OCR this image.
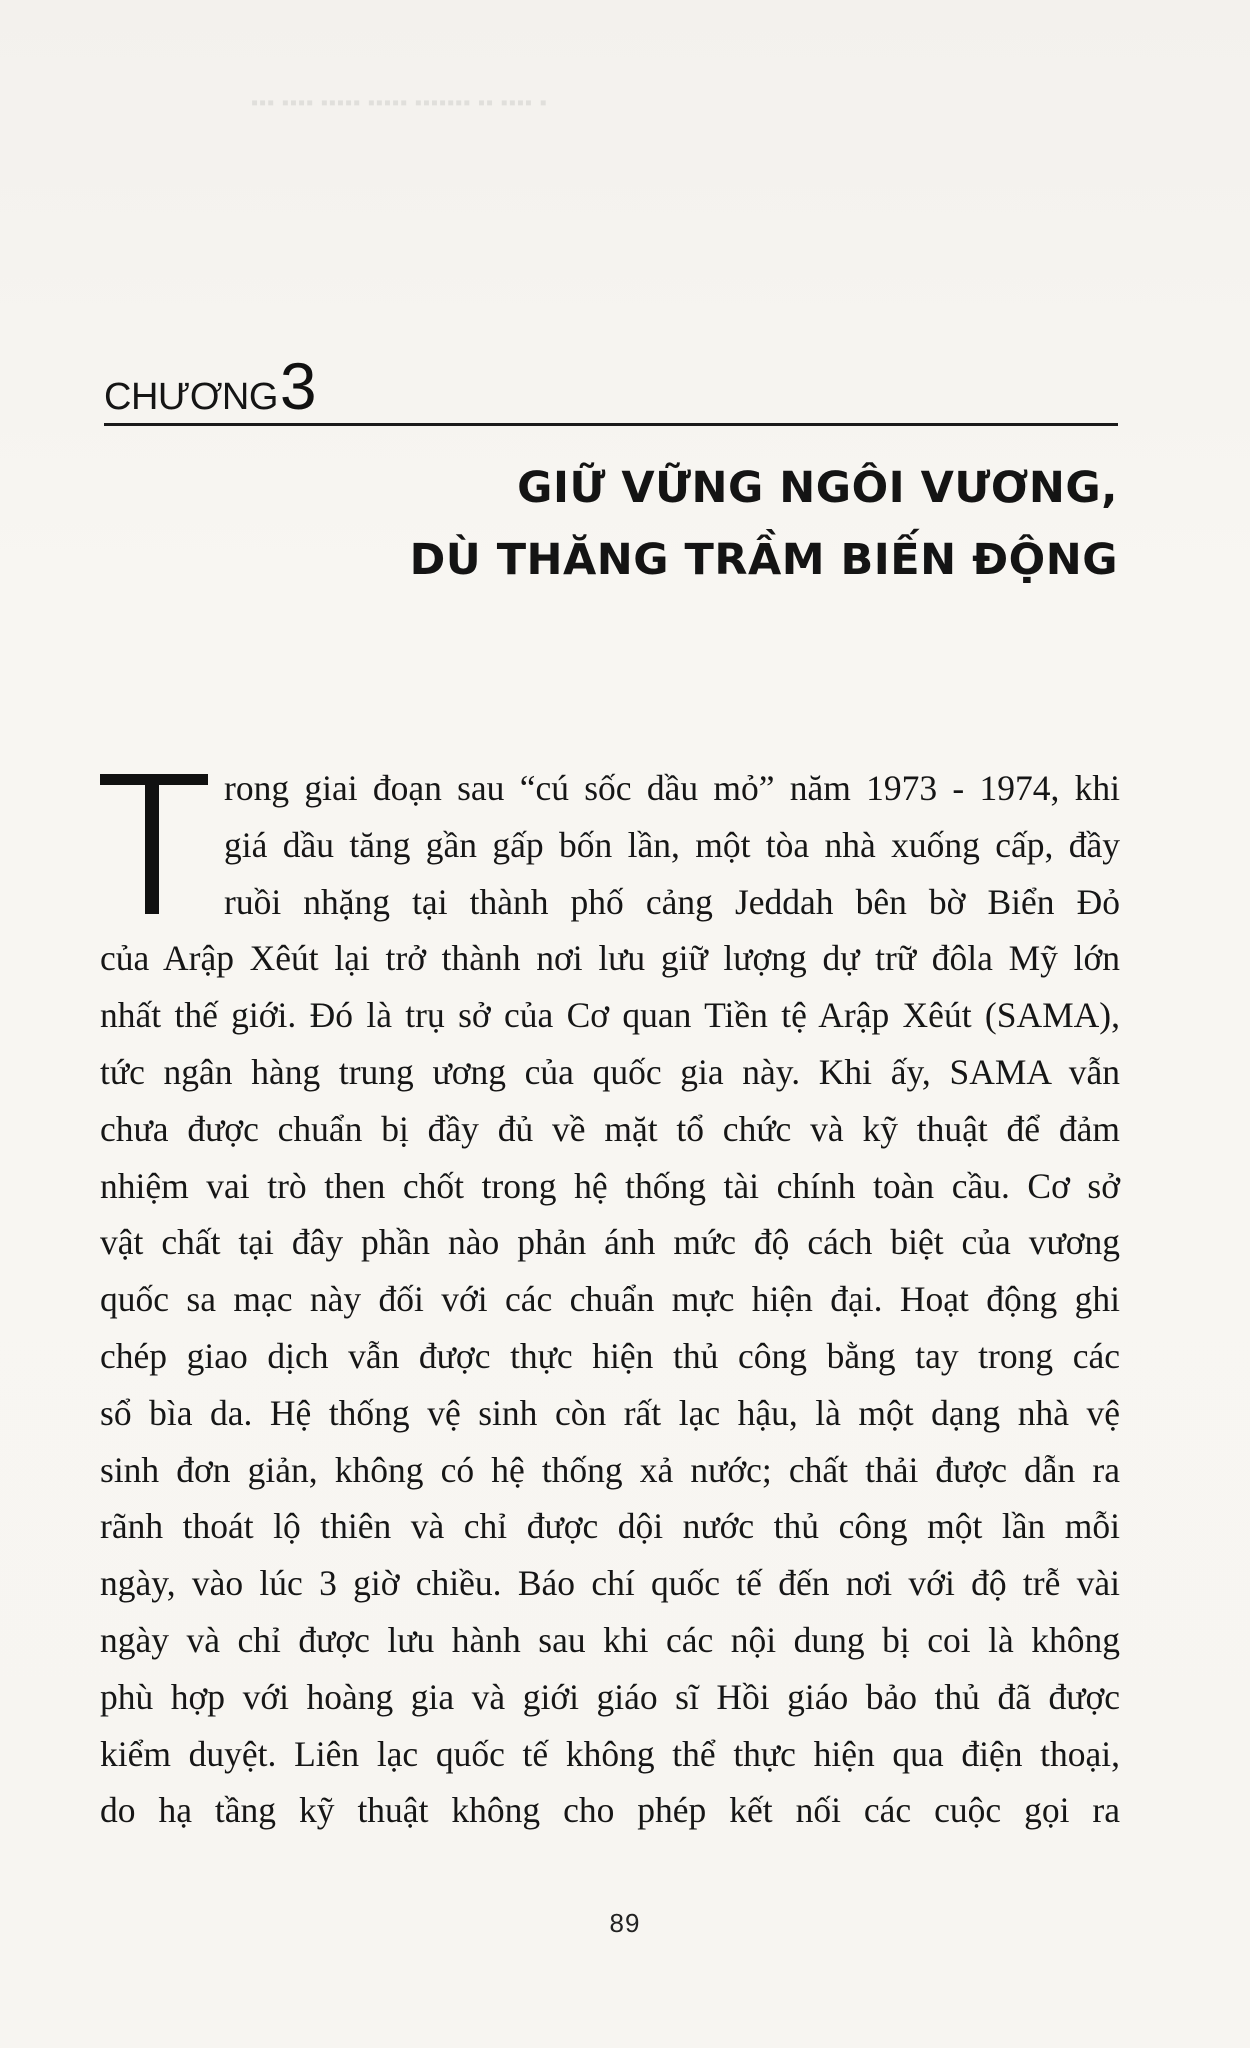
▪ ▪▪▪▪ ▪▪ ▪▪▪▪▪▪▪ ▪▪▪▪▪ ▪▪▪▪▪ ▪▪▪▪ ▪▪▪
CHƯƠNG 3
GIỮ VỮNG NGÔI VƯƠNG,
DÙ THĂNG TRẦM BIẾN ĐỘNG
rong giai đoạn sau “cú sốc dầu mỏ” năm 1973 - 1974, khi
giá dầu tăng gần gấp bốn lần, một tòa nhà xuống cấp, đầy
ruồi nhặng tại thành phố cảng Jeddah bên bờ Biển Đỏ
của Arập Xêút lại trở thành nơi lưu giữ lượng dự trữ đôla Mỹ lớn
nhất thế giới. Đó là trụ sở của Cơ quan Tiền tệ Arập Xêút (SAMA),
tức ngân hàng trung ương của quốc gia này. Khi ấy, SAMA vẫn
chưa được chuẩn bị đầy đủ về mặt tổ chức và kỹ thuật để đảm
nhiệm vai trò then chốt trong hệ thống tài chính toàn cầu. Cơ sở
vật chất tại đây phần nào phản ánh mức độ cách biệt của vương
quốc sa mạc này đối với các chuẩn mực hiện đại. Hoạt động ghi
chép giao dịch vẫn được thực hiện thủ công bằng tay trong các
sổ bìa da. Hệ thống vệ sinh còn rất lạc hậu, là một dạng nhà vệ
sinh đơn giản, không có hệ thống xả nước; chất thải được dẫn ra
rãnh thoát lộ thiên và chỉ được dội nước thủ công một lần mỗi
ngày, vào lúc 3 giờ chiều. Báo chí quốc tế đến nơi với độ trễ vài
ngày và chỉ được lưu hành sau khi các nội dung bị coi là không
phù hợp với hoàng gia và giới giáo sĩ Hồi giáo bảo thủ đã được
kiểm duyệt. Liên lạc quốc tế không thể thực hiện qua điện thoại,
do hạ tầng kỹ thuật không cho phép kết nối các cuộc gọi ra
89
